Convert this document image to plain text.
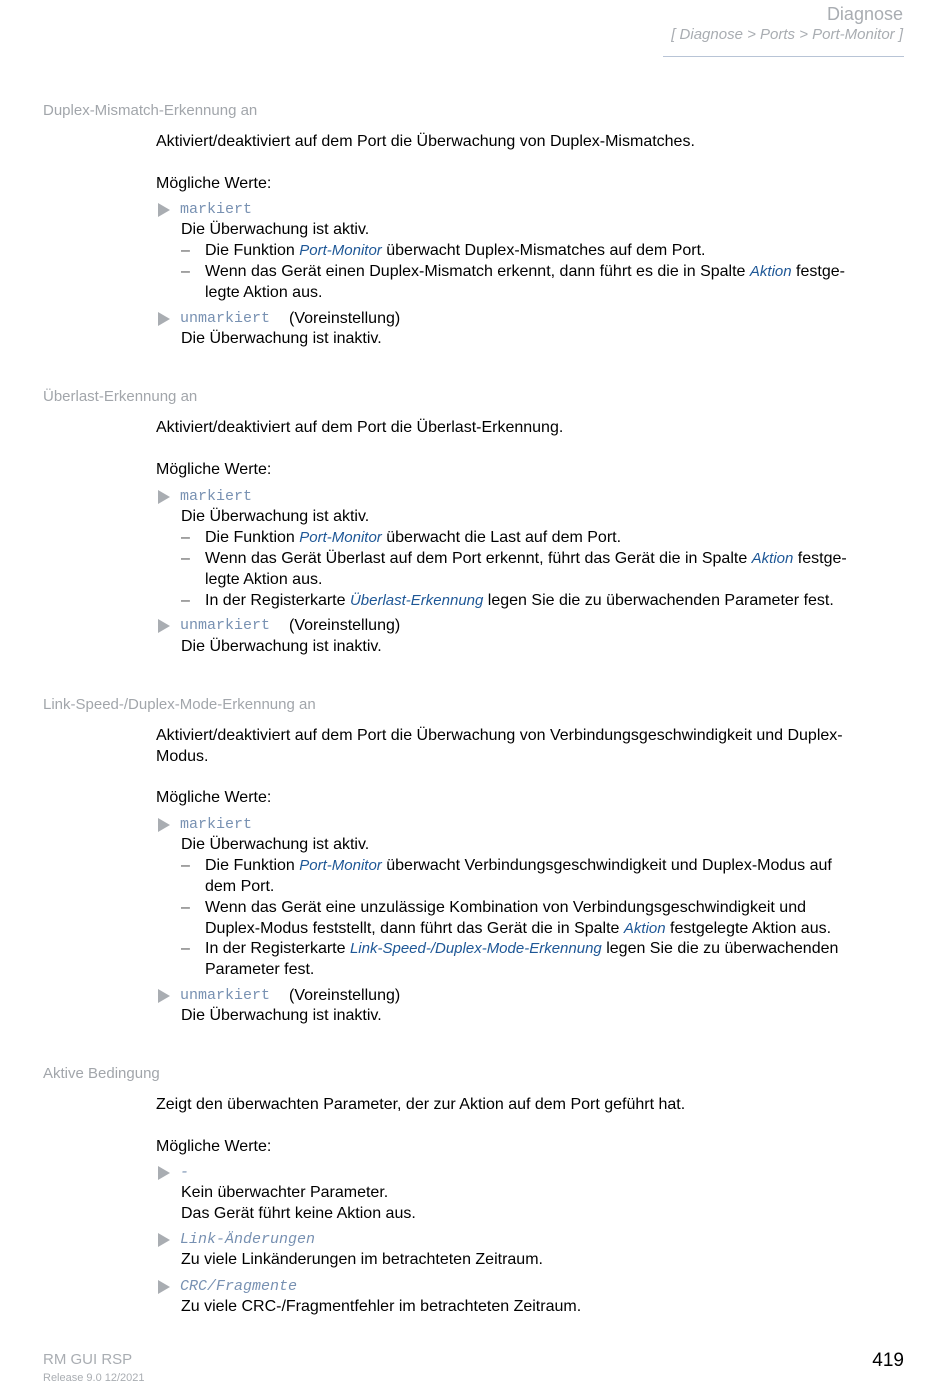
Diagnose
[ Diagnose > Ports > Port-Monitor ]
Duplex-Mismatch-Erkennung an
Aktiviert/deaktiviert auf dem Port die Überwachung von Duplex-Mismatches.
Mögliche Werte:
markiert
Die Überwachung ist aktiv.
– Die Funktion Port-Monitor überwacht Duplex-Mismatches auf dem Port.
– Wenn das Gerät einen Duplex-Mismatch erkennt, dann führt es die in Spalte Aktion festge-
legte Aktion aus.
unmarkiert (Voreinstellung)
Die Überwachung ist inaktiv.
Überlast-Erkennung an
Aktiviert/deaktiviert auf dem Port die Überlast-Erkennung.
Mögliche Werte:
markiert
Die Überwachung ist aktiv.
– Die Funktion Port-Monitor überwacht die Last auf dem Port.
– Wenn das Gerät Überlast auf dem Port erkennt, führt das Gerät die in Spalte Aktion festge-
legte Aktion aus.
– In der Registerkarte Überlast-Erkennung legen Sie die zu überwachenden Parameter fest.
unmarkiert (Voreinstellung)
Die Überwachung ist inaktiv.
Link-Speed-/Duplex-Mode-Erkennung an
Aktiviert/deaktiviert auf dem Port die Überwachung von Verbindungsgeschwindigkeit und Duplex-
Modus.
Mögliche Werte:
markiert
Die Überwachung ist aktiv.
– Die Funktion Port-Monitor überwacht Verbindungsgeschwindigkeit und Duplex-Modus auf
dem Port.
– Wenn das Gerät eine unzulässige Kombination von Verbindungsgeschwindigkeit und
Duplex-Modus feststellt, dann führt das Gerät die in Spalte Aktion festgelegte Aktion aus.
– In der Registerkarte Link-Speed-/Duplex-Mode-Erkennung legen Sie die zu überwachenden
Parameter fest.
unmarkiert (Voreinstellung)
Die Überwachung ist inaktiv.
Aktive Bedingung
Zeigt den überwachten Parameter, der zur Aktion auf dem Port geführt hat.
Mögliche Werte:
-
Kein überwachter Parameter.
Das Gerät führt keine Aktion aus.
Link-Änderungen
Zu viele Linkänderungen im betrachteten Zeitraum.
CRC/Fragmente
Zu viele CRC-/Fragmentfehler im betrachteten Zeitraum.
RM GUI RSP
Release 9.0 12/2021
419
